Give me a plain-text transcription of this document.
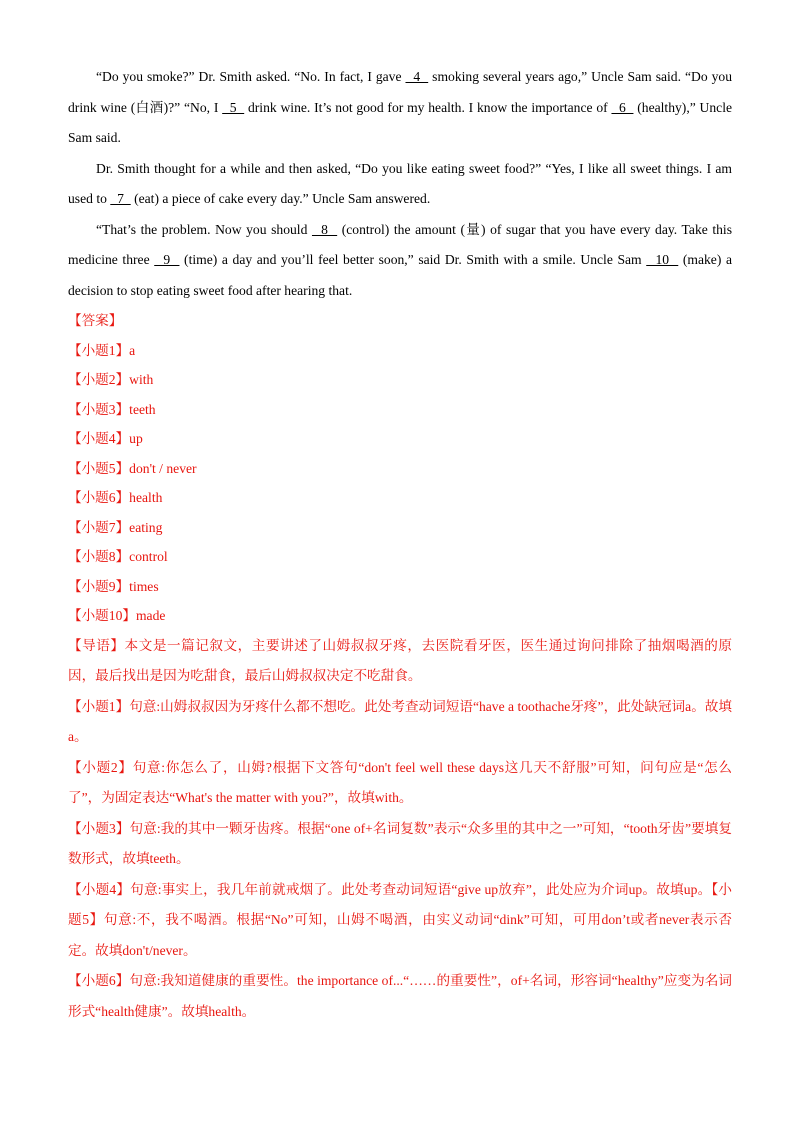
“Do you smoke?” Dr. Smith asked. “No. In fact, I gave   4   smoking several years ago,” Uncle Sam said. “Do you drink wine (白酒)?” “No, I   5   drink wine. It’s not good for my health. I know the importance of   6   (healthy),” Uncle Sam said.

Dr. Smith thought for a while and then asked, “Do you like eating sweet food?” “Yes, I like all sweet things. I am used to   7   (eat) a piece of cake every day.” Uncle Sam answered.

“That’s the problem. Now you should   8   (control) the amount (量) of sugar that you have every day. Take this medicine three   9   (time) a day and you’ll feel better soon,” said Dr. Smith with a smile. Uncle Sam   10   (make) a decision to stop eating sweet food after hearing that.

【答案】

【小题1】a

【小题2】with

【小题3】teeth

【小题4】up

【小题5】don't / never

【小题6】health

【小题7】eating

【小题8】control

【小题9】times

【小题10】made

【导语】本文是一篇记叙文，主要讲述了山姆叔叔牙疼，去医院看牙医，医生通过询问排除了抽烟喝酒的原因，最后找出是因为吃甜食，最后山姆叔叔决定不吃甜食。

【小题1】句意:山姆叔叔因为牙疼什么都不想吃。此处考查动词短语“have a toothache牙疼”，此处缺冠词a。故填a。

【小题2】句意:你怎么了，山姆?根据下文答句“don't feel well these days这几天不舒服”可知，问句应是“怎么了”，为固定表达“What's the matter with you?”，故填with。

【小题3】句意:我的其中一颗牙齿疼。根据“one of+名词复数”表示“众多里的其中之一”可知，“tooth牙齿”要填复数形式，故填teeth。

【小题4】句意:事实上，我几年前就戒烟了。此处考查动词短语“give up放弃”，此处应为介词up。故填up。【小题5】句意:不，我不喝酒。根据“No”可知，山姆不喝酒，由实义动词“dink”可知，可用don’t或者never表示否定。故填don't/never。

【小题6】句意:我知道健康的重要性。the importance of...“……的重要性”，of+名词，形容词“healthy”应变为名词形式“health健康”。故填health。
